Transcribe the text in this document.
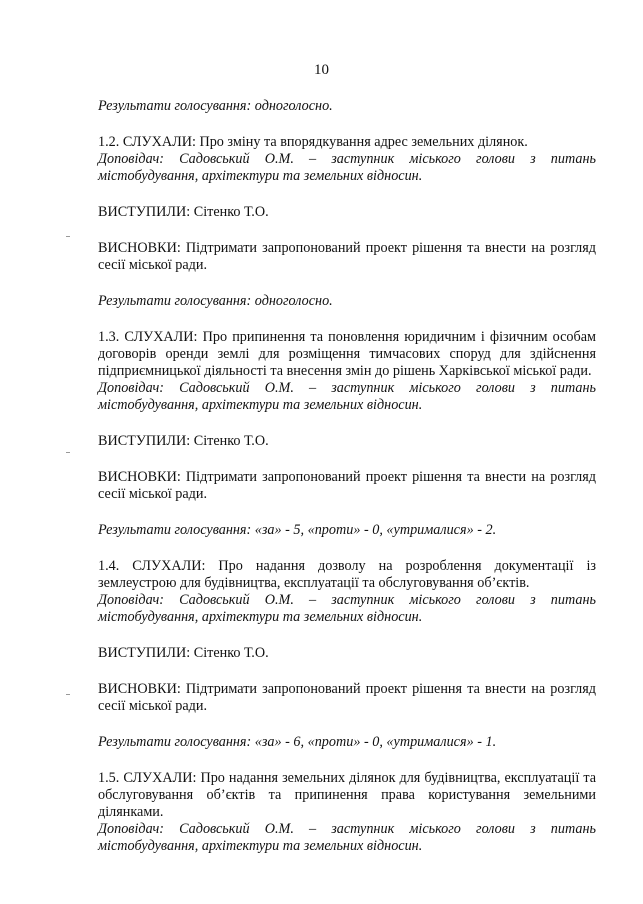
10

Результати голосування: одноголосно.

1.2. СЛУХАЛИ: Про зміну та впорядкування адрес земельних ділянок.

Доповідач: Садовський О.М. – заступник міського голови з питань містобудування, архітектури та земельних відносин.

ВИСТУПИЛИ: Сітенко Т.О.

ВИСНОВКИ: Підтримати запропонований проект рішення та внести на розгляд сесії міської ради.

Результати голосування: одноголосно.

1.3. СЛУХАЛИ: Про припинення та поновлення юридичним і фізичним особам договорів оренди землі для розміщення тимчасових споруд для здійснення підприємницької діяльності та внесення змін до рішень Харківської міської ради.

Доповідач: Садовський О.М. – заступник міського голови з питань містобудування, архітектури та земельних відносин.

ВИСТУПИЛИ: Сітенко Т.О.

ВИСНОВКИ: Підтримати запропонований проект рішення та внести на розгляд сесії міської ради.

Результати голосування: «за» - 5, «проти» - 0, «утрималися» - 2.

1.4. СЛУХАЛИ: Про надання дозволу на розроблення документації із землеустрою для будівництва, експлуатації та обслуговування об’єктів.

Доповідач: Садовський О.М. – заступник міського голови з питань містобудування, архітектури та земельних відносин.

ВИСТУПИЛИ: Сітенко Т.О.

ВИСНОВКИ: Підтримати запропонований проект рішення та внести на розгляд сесії міської ради.

Результати голосування: «за» - 6, «проти» - 0, «утрималися» - 1.

1.5. СЛУХАЛИ: Про надання земельних ділянок для будівництва, експлуатації та обслуговування об’єктів та припинення права користування земельними ділянками.

Доповідач: Садовський О.М. – заступник міського голови з питань містобудування, архітектури та земельних відносин.
